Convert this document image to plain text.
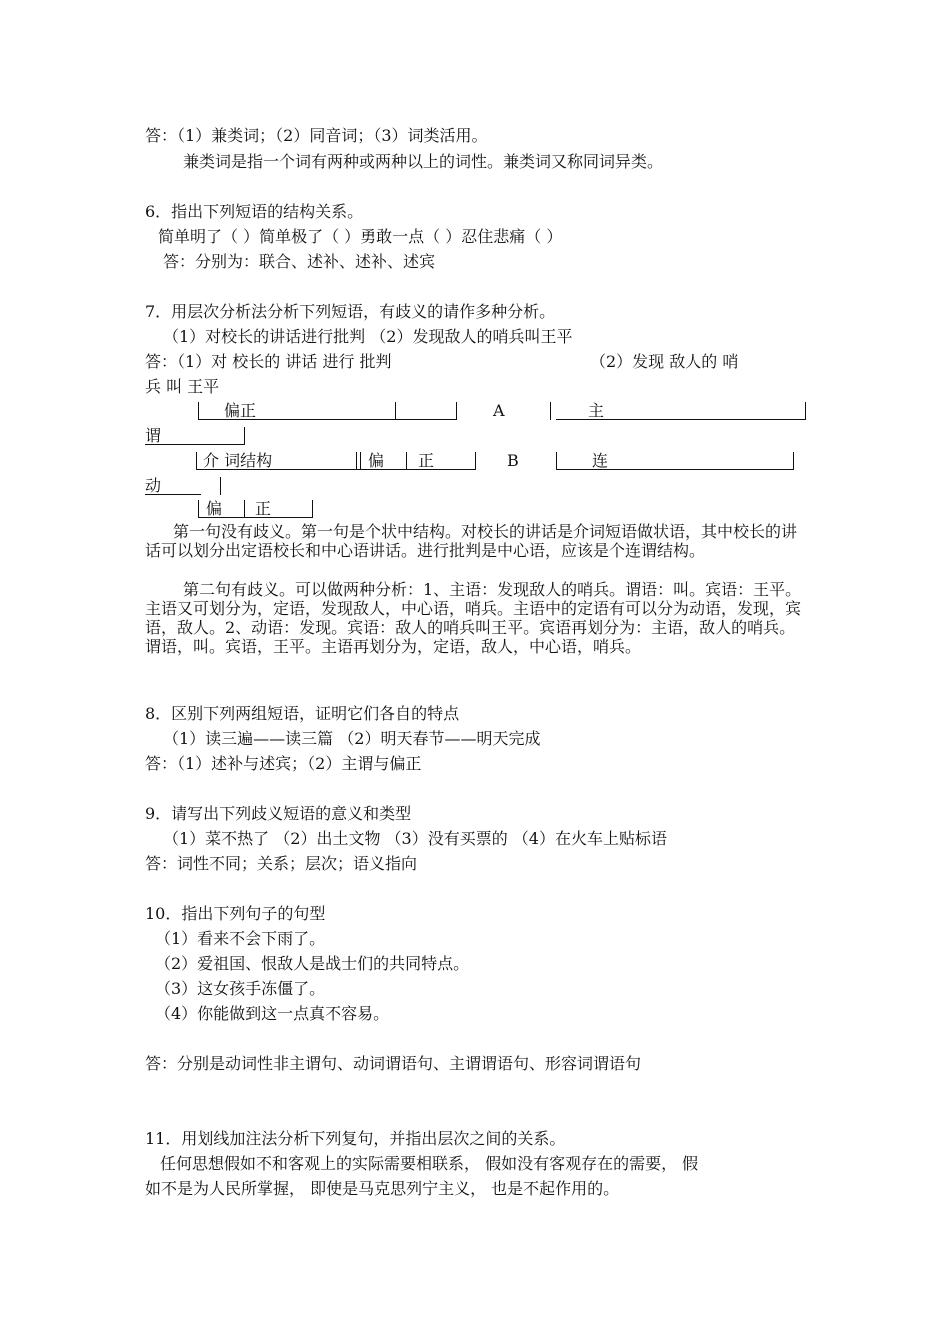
答：（1）兼类词；（2）同音词；（3）词类活用。
兼类词是指一个词有两种或两种以上的词性。兼类词又称同词异类。
6．指出下列短语的结构关系。
简单明了（ ）简单极了（ ）勇敢一点（ ）忍住悲痛（ ）
答：分别为：联合、述补、述补、述宾
7．用层次分析法分析下列短语，有歧义的请作多种分析。
（1）对校长的讲话进行批判 （2）发现敌人的哨兵叫王平
答：（1）对 校长的 讲话 进行 批判	（2）发现 敌人的 哨
兵 叫 王平
偏正	A	主
谓
介 词结构	偏 正	B	连
动
偏 正
第一句没有歧义。第一句是个状中结构。对校长的讲话是介词短语做状语，其中校长的讲话可以划分出定语校长和中心语讲话。进行批判是中心语，应该是个连谓结构。
第二句有歧义。可以做两种分析：1、主语：发现敌人的哨兵。谓语：叫。宾语：王平。主语又可划分为，定语，发现敌人，中心语，哨兵。主语中的定语有可以分为动语，发现，宾语，敌人。2、动语：发现。宾语：敌人的哨兵叫王平。宾语再划分为：主语，敌人的哨兵。谓语，叫。宾语，王平。主语再划分为，定语，敌人，中心语，哨兵。
8．区别下列两组短语，证明它们各自的特点
（1）读三遍——读三篇 （2）明天春节——明天完成
答：（1）述补与述宾；（2）主谓与偏正
9．请写出下列歧义短语的意义和类型
（1）菜不热了 （2）出土文物 （3）没有买票的 （4）在火车上贴标语
答：词性不同；关系；层次；语义指向
10．指出下列句子的句型
（1）看来不会下雨了。
（2）爱祖国、恨敌人是战士们的共同特点。
（3）这女孩手冻僵了。
（4）你能做到这一点真不容易。
答：分别是动词性非主谓句、动词谓语句、主谓谓语句、形容词谓语句
11．用划线加注法分析下列复句，并指出层次之间的关系。
任何思想假如不和客观上的实际需要相联系， 假如没有客观存在的需要， 假
如不是为人民所掌握， 即使是马克思列宁主义， 也是不起作用的。
